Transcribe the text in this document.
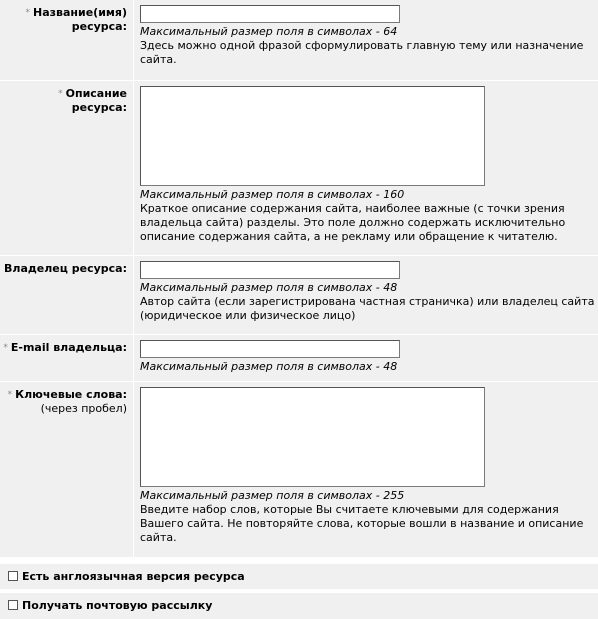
* Название(имя)
ресурса: Максимальный размер поля в символах - 64
Здесь можно одной фразой сформулировать главную тему или назначение сайта.
* Описание ресурса:
Максимальный размер поля в символах - 160
Краткое описание содержания сайта, наиболее важные (с точки зрения владельца сайта) разделы. Это поле должно содержать исключительно описание содержания сайта, а не рекламу или обращение к читателю.
Владелец ресурса:
Максимальный размер поля в символах - 48
Автор сайта (если зарегистрирована частная страничка) или владелец сайта (юридическое или физическое лицо)
* E-mail владельца:
Максимальный размер поля в символах - 48
* Ключевые слова:
(через пробел)
Максимальный размер поля в символах - 255
Введите набор слов, которые Вы считаете ключевыми для содержания Вашего сайта. Не повторяйте слова, которые вошли в название и описание сайта.
Есть англоязычная версия ресурса
Получать почтовую рассылку
